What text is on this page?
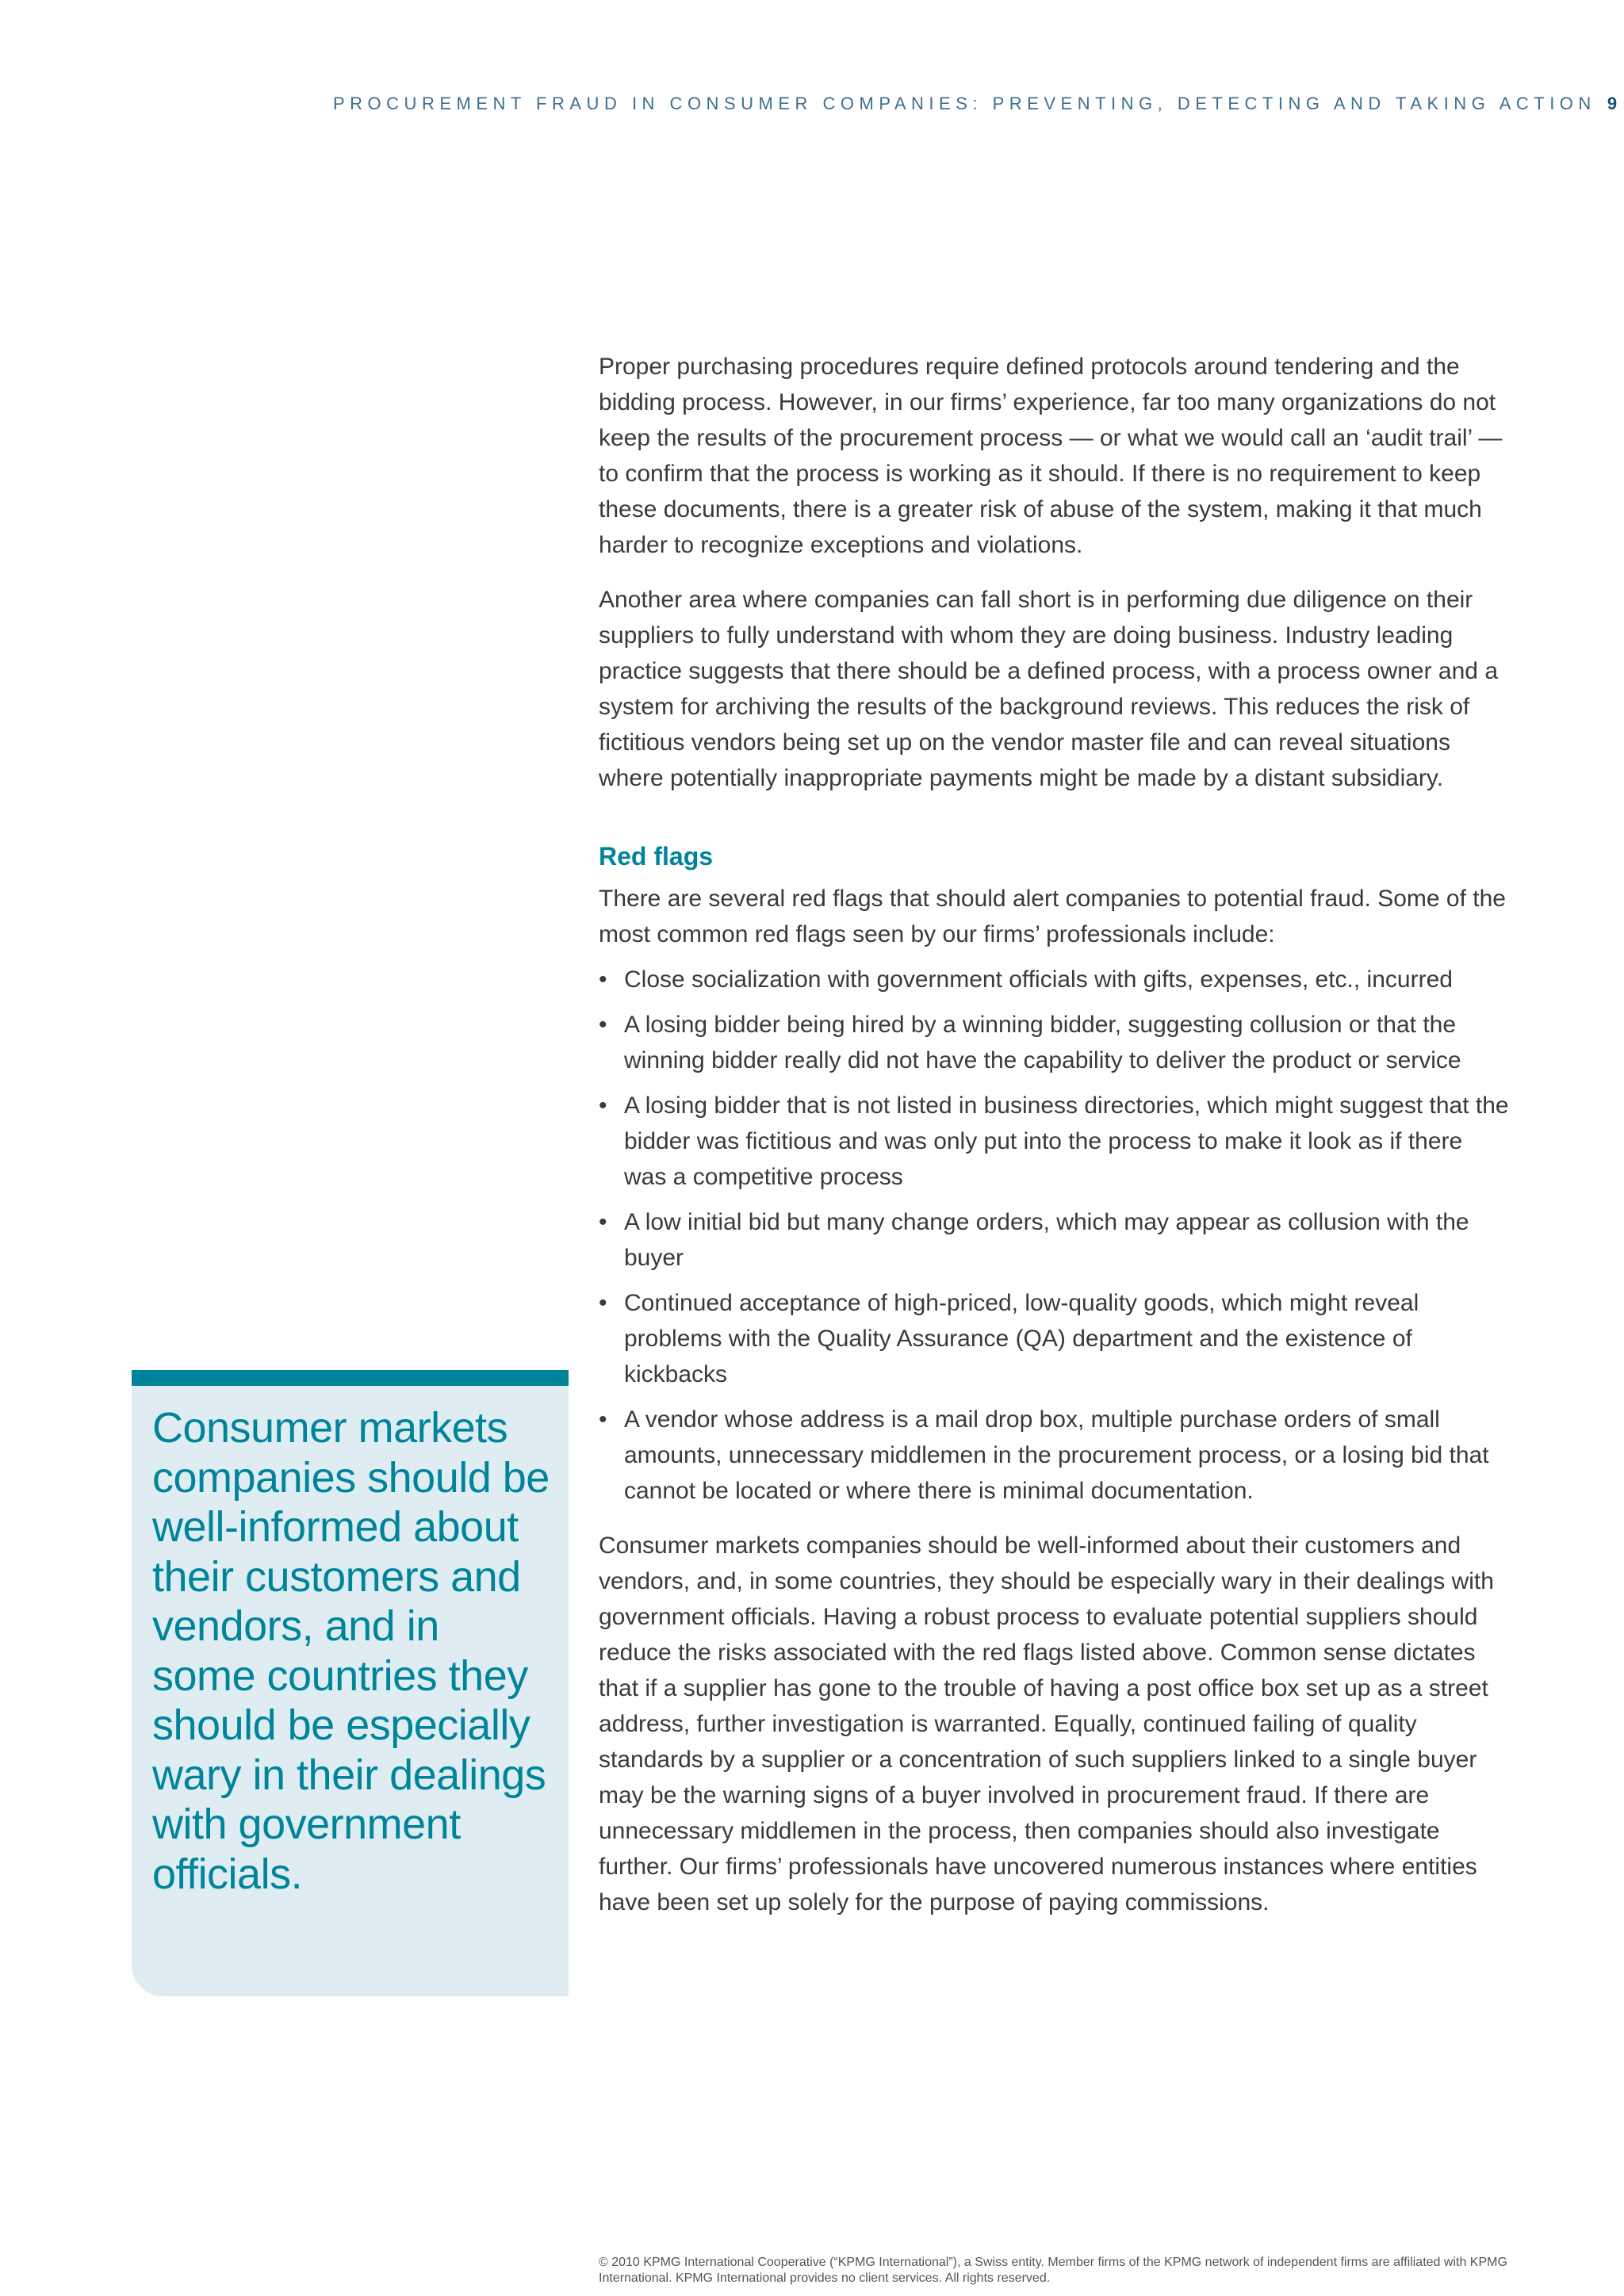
PROCUREMENT FRAUD IN CONSUMER COMPANIES: PREVENTING, DETECTING AND TAKING ACTION 9

Proper purchasing procedures require defined protocols around tendering and the bidding process. However, in our firms’ experience, far too many organizations do not keep the results of the procurement process — or what we would call an ‘audit trail’ — to confirm that the process is working as it should. If there is no requirement to keep these documents, there is a greater risk of abuse of the system, making it that much harder to recognize exceptions and violations.

Another area where companies can fall short is in performing due diligence on their suppliers to fully understand with whom they are doing business. Industry leading practice suggests that there should be a defined process, with a process owner and a system for archiving the results of the background reviews. This reduces the risk of fictitious vendors being set up on the vendor master file and can reveal situations where potentially inappropriate payments might be made by a distant subsidiary.

Red flags

There are several red flags that should alert companies to potential fraud. Some of the most common red flags seen by our firms’ professionals include:

• Close socialization with government officials with gifts, expenses, etc., incurred
• A losing bidder being hired by a winning bidder, suggesting collusion or that the winning bidder really did not have the capability to deliver the product or service
• A losing bidder that is not listed in business directories, which might suggest that the bidder was fictitious and was only put into the process to make it look as if there was a competitive process
• A low initial bid but many change orders, which may appear as collusion with the buyer
• Continued acceptance of high-priced, low-quality goods, which might reveal problems with the Quality Assurance (QA) department and the existence of kickbacks
• A vendor whose address is a mail drop box, multiple purchase orders of small amounts, unnecessary middlemen in the procurement process, or a losing bid that cannot be located or where there is minimal documentation.

Consumer markets companies should be well-informed about their customers and vendors, and, in some countries, they should be especially wary in their dealings with government officials. Having a robust process to evaluate potential suppliers should reduce the risks associated with the red flags listed above. Common sense dictates that if a supplier has gone to the trouble of having a post office box set up as a street address, further investigation is warranted. Equally, continued failing of quality standards by a supplier or a concentration of such suppliers linked to a single buyer may be the warning signs of a buyer involved in procurement fraud. If there are unnecessary middlemen in the process, then companies should also investigate further. Our firms’ professionals have uncovered numerous instances where entities have been set up solely for the purpose of paying commissions.

Consumer markets companies should be well-informed about their customers and vendors, and in some countries they should be especially wary in their dealings with government officials.
© 2010 KPMG International Cooperative (“KPMG International”), a Swiss entity. Member firms of the KPMG network of independent firms are affiliated with KPMG International. KPMG International provides no client services. All rights reserved.
